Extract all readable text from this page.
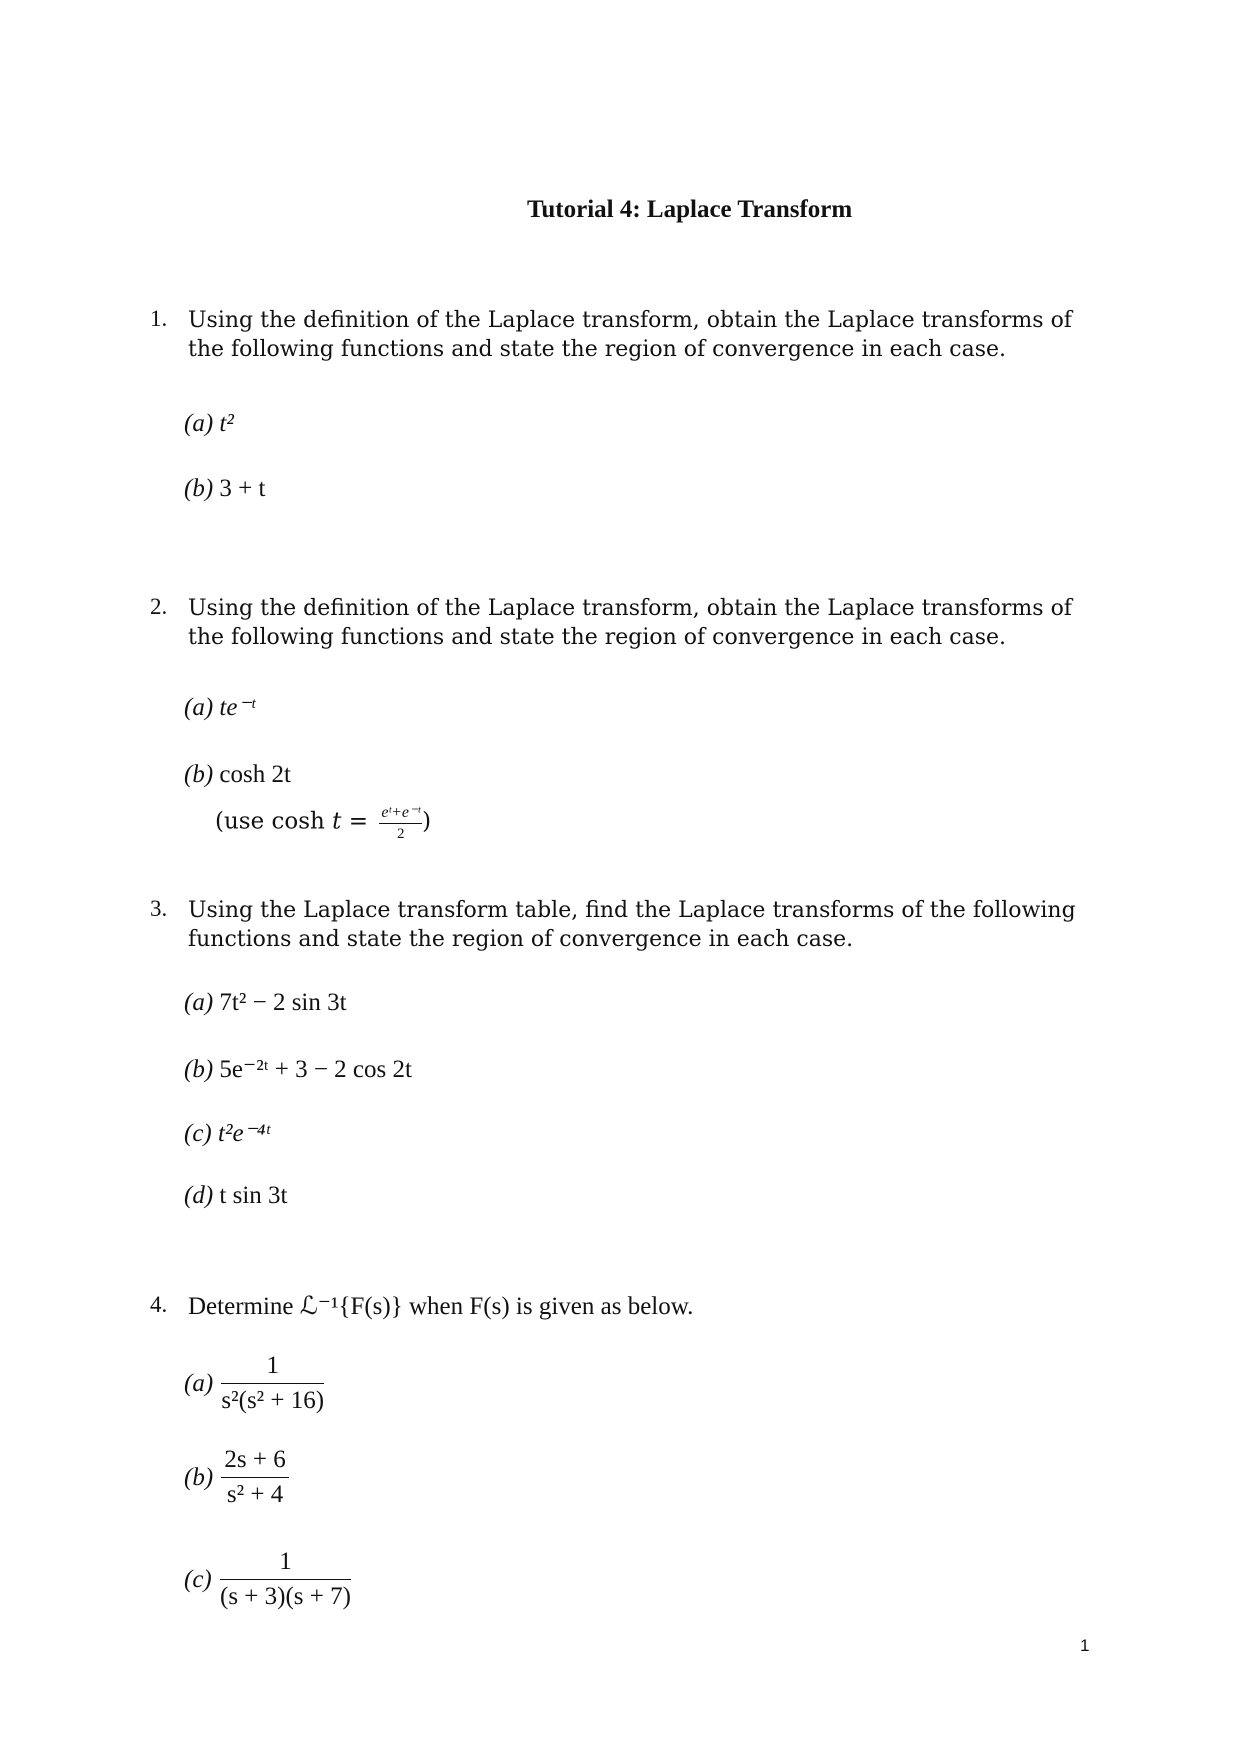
Tutorial 4: Laplace Transform
1. Using the definition of the Laplace transform, obtain the Laplace transforms of the following functions and state the region of convergence in each case.
(a) t²
(b) 3 + t
2. Using the definition of the Laplace transform, obtain the Laplace transforms of the following functions and state the region of convergence in each case.
(a) te⁻ᵗ
(b) cosh 2t
(use $\cosh t = \frac{\text{eᵗ+e⁻ᵗ}}{2}$ )
3. Using the Laplace transform table, find the Laplace transforms of the following functions and state the region of convergence in each case.
(a) 7t² − 2 sin 3t
(b) 5e⁻²ᵗ + 3 − 2 cos 2t
(c) t²e⁻⁴ᵗ
(d) t sin 3t
4. Determine ℒ⁻¹{F(s)} when F(s) is given as below.
$(a) \frac{1}{\text{s²(s² + 16)}}$
$(b) \frac{2s + 6}{\text{s² + 4}}$
$(c) \frac{1}{(s + 3)(s + 7)}$
1
